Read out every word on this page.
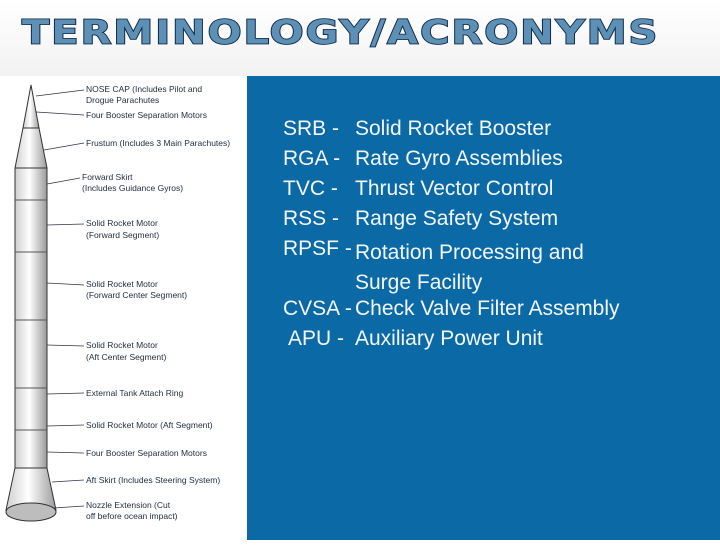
TERMINOLOGY/ACRONYMS
NOSE CAP (Includes Pilot and
Drogue Parachutes
Four Booster Separation Motors
Frustum (Includes 3 Main Parachutes)
Forward Skirt
(Includes Guidance Gyros)
Solid Rocket Motor
(Forward Segment)
Solid Rocket Motor
(Forward Center Segment)
Solid Rocket Motor
(Aft Center Segment)
External Tank Attach Ring
Solid Rocket Motor (Aft Segment)
Four Booster Separation Motors
Aft Skirt (Includes Steering System)
Nozzle Extension (Cut
off before ocean impact)
SRB - Solid Rocket Booster
RGA - Rate Gyro Assemblies
TVC - Thrust Vector Control
RSS - Range Safety System
RPSF - Rotation Processing and Surge Facility
CVSA - Check Valve Filter Assembly
APU - Auxiliary Power Unit
